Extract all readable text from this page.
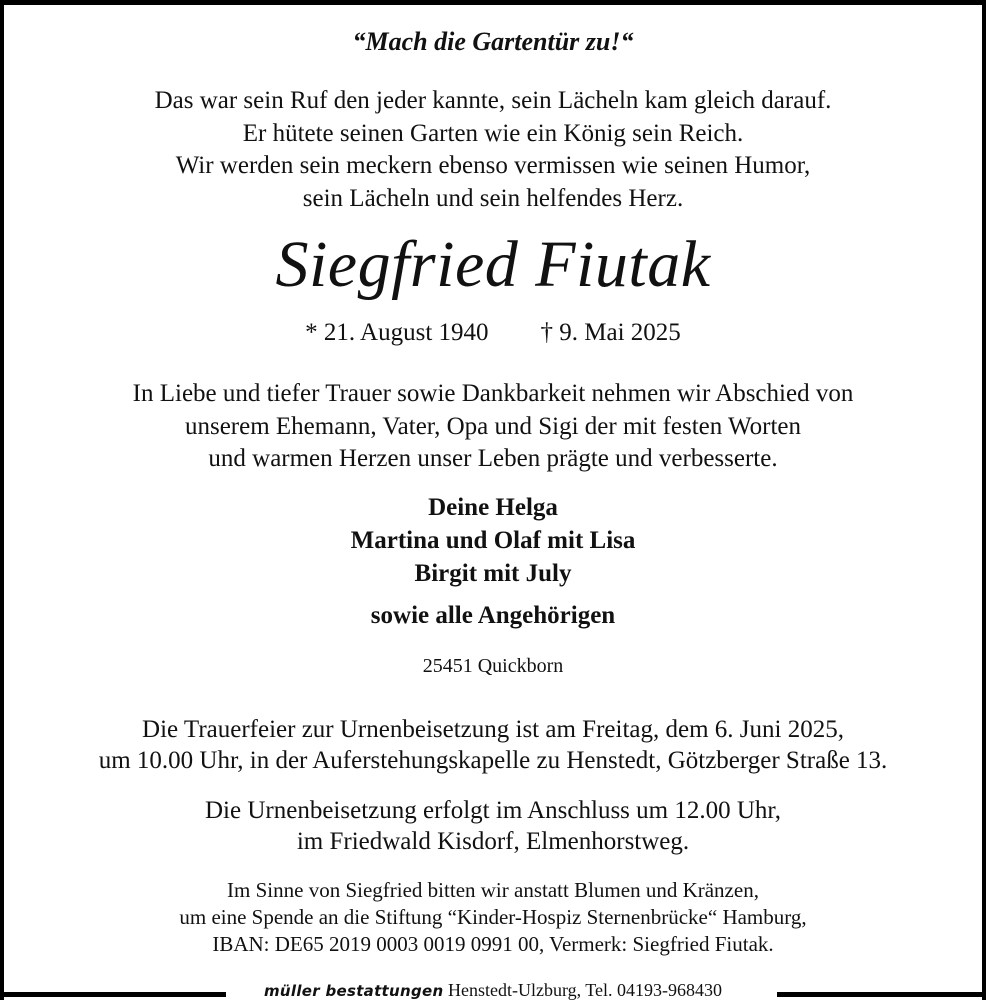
“Mach die Gartentür zu!“
Das war sein Ruf den jeder kannte, sein Lächeln kam gleich darauf.
Er hütete seinen Garten wie ein König sein Reich.
Wir werden sein meckern ebenso vermissen wie seinen Humor,
sein Lächeln und sein helfendes Herz.
Siegfried Fiutak
* 21. August 1940 † 9. Mai 2025
In Liebe und tiefer Trauer sowie Dankbarkeit nehmen wir Abschied von
unserem Ehemann, Vater, Opa und Sigi der mit festen Worten
und warmen Herzen unser Leben prägte und verbesserte.
Deine Helga
Martina und Olaf mit Lisa
Birgit mit July
sowie alle Angehörigen
25451 Quickborn
Die Trauerfeier zur Urnenbeisetzung ist am Freitag, dem 6. Juni 2025,
um 10.00 Uhr, in der Auferstehungskapelle zu Henstedt, Götzberger Straße 13.
Die Urnenbeisetzung erfolgt im Anschluss um 12.00 Uhr,
im Friedwald Kisdorf, Elmenhorstweg.
Im Sinne von Siegfried bitten wir anstatt Blumen und Kränzen,
um eine Spende an die Stiftung “Kinder-Hospiz Sternenbrücke“ Hamburg,
IBAN: DE65 2019 0003 0019 0991 00, Vermerk: Siegfried Fiutak.
müller bestattungen Henstedt-Ulzburg, Tel. 04193-968430
